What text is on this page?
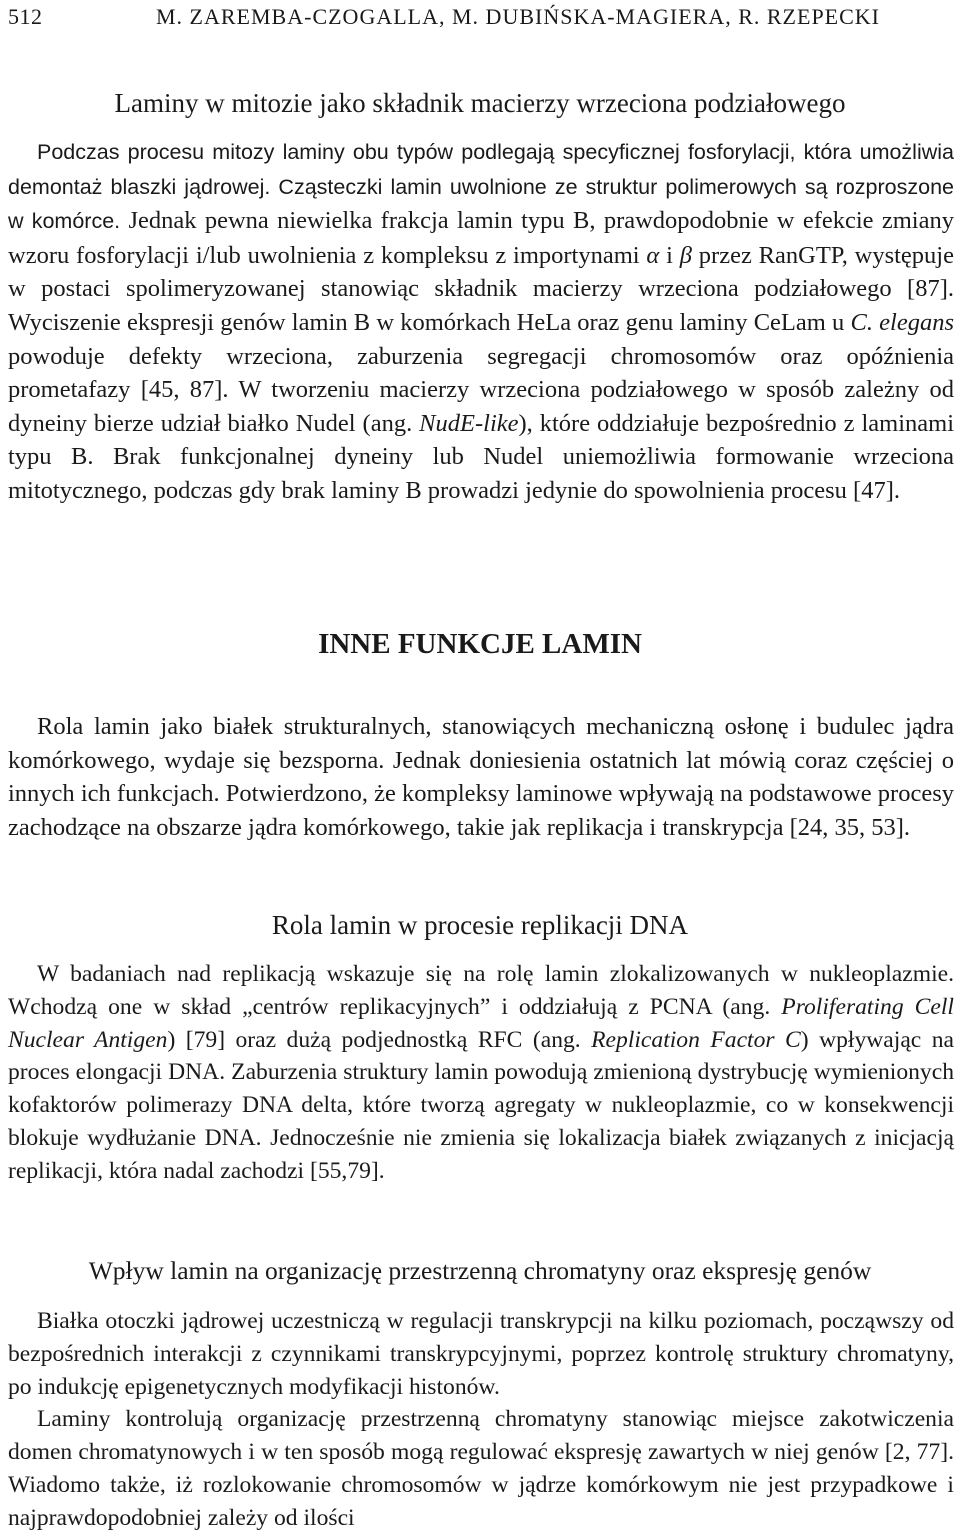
512	M. ZAREMBA-CZOGALLA, M. DUBIŃSKA-MAGIERA, R. RZEPECKI
Laminy w mitozie jako składnik macierzy wrzeciona podziałowego

Podczas procesu mitozy laminy obu typów podlegają specyficznej fosforylacji, która umożliwia demontaż blaszki jądrowej. Cząsteczki lamin uwolnione ze struktur polimerowych są rozproszone w komórce. Jednak pewna niewielka frakcja lamin typu B, prawdopodobnie w efekcie zmiany wzoru fosforylacji i/lub uwolnienia z kompleksu z importynami α i β przez RanGTP, występuje w postaci spolimeryzowanej stanowiąc składnik macierzy wrzeciona podziałowego [87]. Wyciszenie ekspresji genów lamin B w komórkach HeLa oraz genu laminy CeLam u C. elegans powoduje defekty wrzeciona, zaburzenia segregacji chromosomów oraz opóźnienia prometafazy [45, 87]. W tworzeniu macierzy wrzeciona podziałowego w sposób zależny od dyneiny bierze udział białko Nudel (ang. NudE-like), które oddziałuje bezpośrednio z laminami typu B. Brak funkcjonalnej dyneiny lub Nudel uniemożliwia formowanie wrzeciona mitotycznego, podczas gdy brak laminy B prowadzi jedynie do spowolnienia procesu [47].

INNE FUNKCJE LAMIN

Rola lamin jako białek strukturalnych, stanowiących mechaniczną osłonę i budulec jądra komórkowego, wydaje się bezsporna. Jednak doniesienia ostatnich lat mówią coraz częściej o innych ich funkcjach. Potwierdzono, że kompleksy laminowe wpływają na podstawowe procesy zachodzące na obszarze jądra komórkowego, takie jak replikacja i transkrypcja [24, 35, 53].

Rola lamin w procesie replikacji DNA

W badaniach nad replikacją wskazuje się na rolę lamin zlokalizowanych w nukleoplazmie. Wchodzą one w skład „centrów replikacyjnych” i oddziałują z PCNA (ang. Proliferating Cell Nuclear Antigen) [79] oraz dużą podjednostką RFC (ang. Replication Factor C) wpływając na proces elongacji DNA. Zaburzenia struktury lamin powodują zmienioną dystrybucję wymienionych kofaktorów polimerazy DNA delta, które tworzą agregaty w nukleoplazmie, co w konsekwencji blokuje wydłużanie DNA. Jednocześnie nie zmienia się lokalizacja białek związanych z inicjacją replikacji, która nadal zachodzi [55,79].

Wpływ lamin na organizację przestrzenną chromatyny oraz ekspresję genów

Białka otoczki jądrowej uczestniczą w regulacji transkrypcji na kilku poziomach, począwszy od bezpośrednich interakcji z czynnikami transkrypcyjnymi, poprzez kontrolę struktury chromatyny, po indukcję epigenetycznych modyfikacji histonów.

Laminy kontrolują organizację przestrzenną chromatyny stanowiąc miejsce zakotwiczenia domen chromatynowych i w ten sposób mogą regulować ekspresję zawartych w niej genów [2, 77]. Wiadomo także, iż rozlokowanie chromosomów w jądrze komórkowym nie jest przypadkowe i najprawdopodobniej zależy od ilości
